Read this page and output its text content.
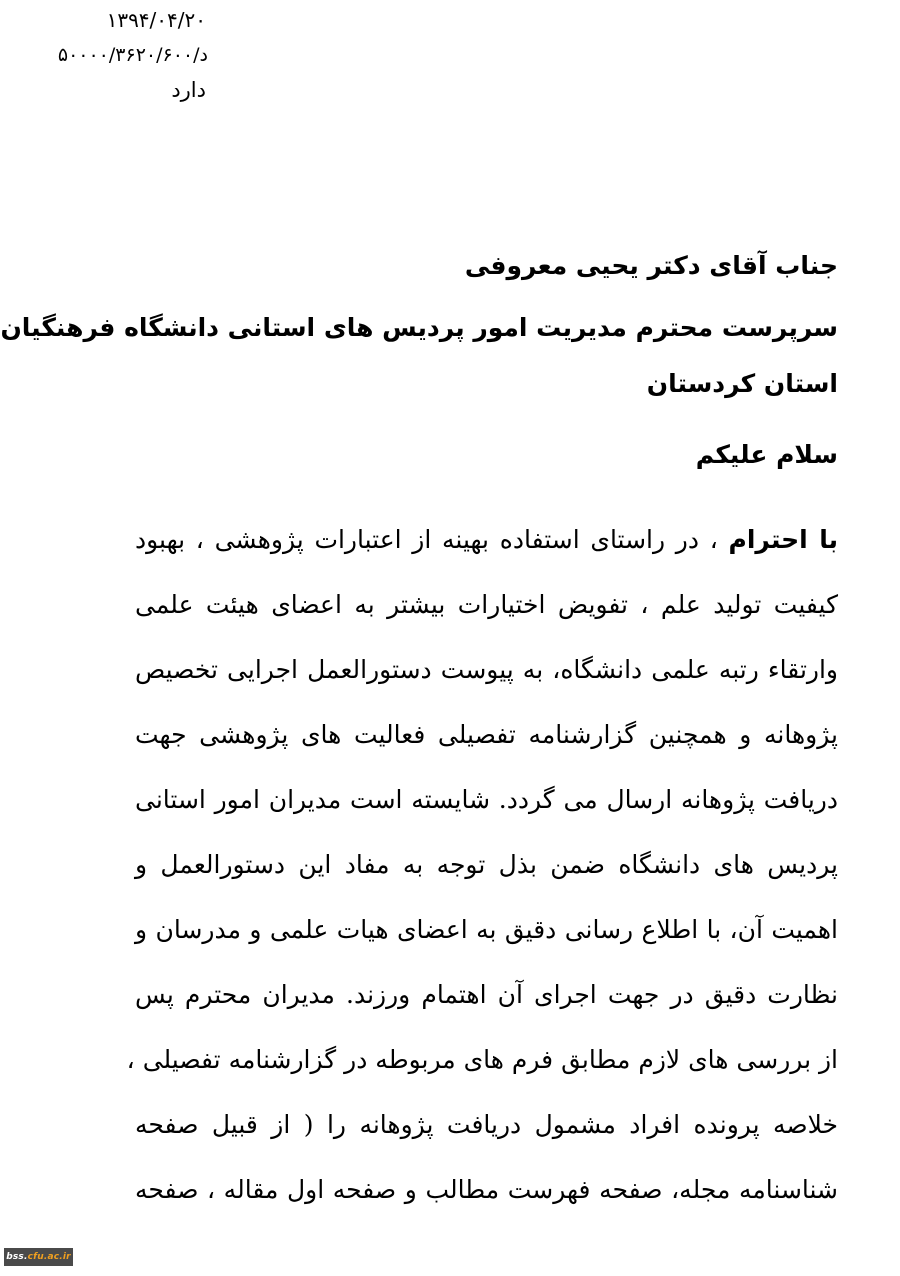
۱۳۹۴/۰۴/۲۰
د/۵۰۰۰۰/۳۶۲۰/۶۰۰
دارد
جناب آقای دکتر یحیی معروفی
سرپرست محترم مدیریت امور پردیس های استانی دانشگاه فرهنگیان
استان کردستان
سلام علیکم
با احترام ، در راستای استفاده بهینه از اعتبارات پژوهشی ، بهبود
کیفیت تولید علم ، تفویض اختیارات بیشتر به اعضای هیئت علمی
وارتقاء رتبه علمی دانشگاه، به پیوست دستورالعمل اجرایی تخصیص
پژوهانه و همچنین گزارشنامه تفصیلی فعالیت های پژوهشی جهت
دریافت پژوهانه ارسال می گردد. شایسته است مدیران امور استانی
پردیس های دانشگاه ضمن بذل توجه به مفاد این دستورالعمل و
اهمیت آن، با اطلاع رسانی دقیق به اعضای هیات علمی و مدرسان و
نظارت دقیق در جهت اجرای آن اهتمام ورزند. مدیران محترم پس
از بررسی های لازم مطابق فرم های مربوطه در گزارشنامه تفصیلی ،
خلاصه پرونده افراد مشمول دریافت پژوهانه را ( از قبیل صفحه
شناسنامه مجله، صفحه فهرست مطالب و صفحه اول مقاله ، صفحه
bss. cfu.ac.ir
